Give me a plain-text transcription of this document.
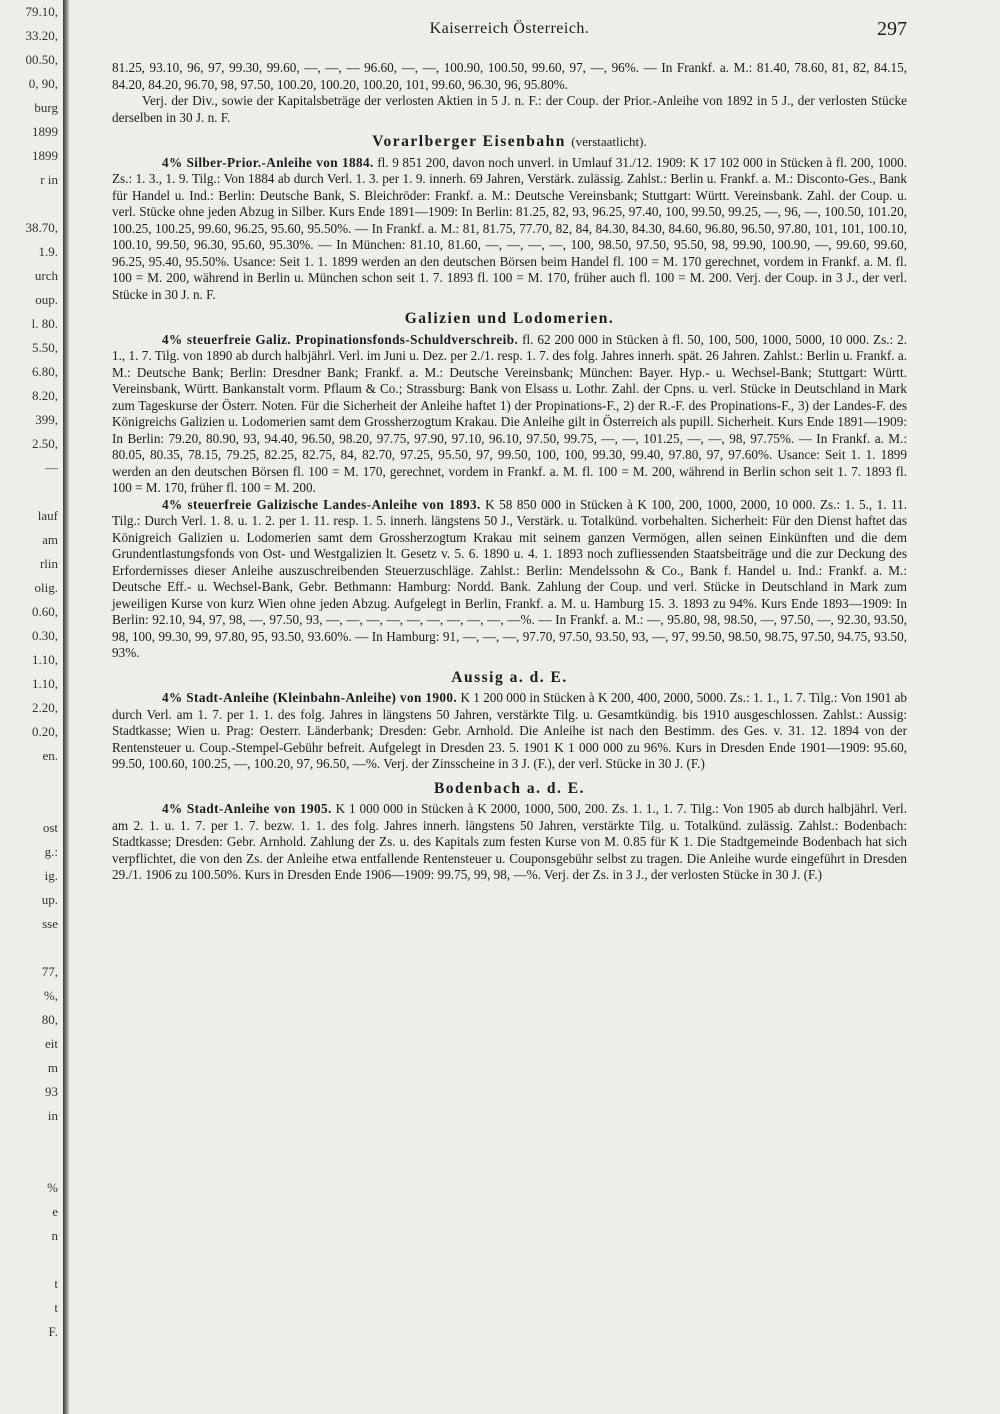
79.10,
33.20,
00.50,
0, 90,
burg
1899
1899
r in
38.70,
1.9.
urch
oup.
l. 80.
5.50,
6.80,
8.20,
399,
2.50,
—
lauf
am
rlin
olig.
0.60,
0.30,
1.10,
1.10,
2.20,
0.20,
en.
ost
g.:
ig.
up.
sse
77,
%,
80,
eit
m
93
in
%
e
n
t
t
F.
Kaiserreich Österreich.	297

81.25, 93.10, 96, 97, 99.30, 99.60, —, —, — 96.60, —, —, 100.90, 100.50, 99.60, 97, —, 96%. — In Frankf. a. M.: 81.40, 78.60, 81, 82, 84.15, 84.20, 84.20, 96.70, 98, 97.50, 100.20, 100.20, 100.20, 101, 99.60, 96.30, 96, 95.80%.

Verj. der Div., sowie der Kapitalsbeträge der verlosten Aktien in 5 J. n. F.: der Coup. der Prior.-Anleihe von 1892 in 5 J., der verlosten Stücke derselben in 30 J. n. F.

Vorarlberger Eisenbahn (verstaatlicht).

4% Silber-Prior.-Anleihe von 1884. fl. 9 851 200, davon noch unverl. in Umlauf 31./12. 1909: K 17 102 000 in Stücken à fl. 200, 1000. Zs.: 1. 3., 1. 9. Tilg.: Von 1884 ab durch Verl. 1. 3. per 1. 9. innerh. 69 Jahren, Verstärk. zulässig. Zahlst.: Berlin u. Frankf. a. M.: Disconto-Ges., Bank für Handel u. Ind.: Berlin: Deutsche Bank, S. Bleichröder: Frankf. a. M.: Deutsche Vereinsbank; Stuttgart: Württ. Vereinsbank. Zahl. der Coup. u. verl. Stücke ohne jeden Abzug in Silber. Kurs Ende 1891—1909: In Berlin: 81.25, 82, 93, 96.25, 97.40, 100, 99.50, 99.25, —, 96, —, 100.50, 101.20, 100.25, 100.25, 99.60, 96.25, 95.60, 95.50%. — In Frankf. a. M.: 81, 81.75, 77.70, 82, 84, 84.30, 84.30, 84.60, 96.80, 96.50, 97.80, 101, 101, 100.10, 100.10, 99.50, 96.30, 95.60, 95.30%. — In München: 81.10, 81.60, —, —, —, —, 100, 98.50, 97.50, 95.50, 98, 99.90, 100.90, —, 99.60, 99.60, 96.25, 95.40, 95.50%. Usance: Seit 1. 1. 1899 werden an den deutschen Börsen beim Handel fl. 100 = M. 170 gerechnet, vordem in Frankf. a. M. fl. 100 = M. 200, während in Berlin u. München schon seit 1. 7. 1893 fl. 100 = M. 170, früher auch fl. 100 = M. 200. Verj. der Coup. in 3 J., der verl. Stücke in 30 J. n. F.

Galizien und Lodomerien.

4% steuerfreie Galiz. Propinationsfonds-Schuldverschreib. fl. 62 200 000 in Stücken à fl. 50, 100, 500, 1000, 5000, 10 000. Zs.: 2. 1., 1. 7. Tilg. von 1890 ab durch halbjährl. Verl. im Juni u. Dez. per 2./1. resp. 1. 7. des folg. Jahres innerh. spät. 26 Jahren. Zahlst.: Berlin u. Frankf. a. M.: Deutsche Bank; Berlin: Dresdner Bank; Frankf. a. M.: Deutsche Vereinsbank; München: Bayer. Hyp.- u. Wechsel-Bank; Stuttgart: Württ. Vereinsbank, Württ. Bankanstalt vorm. Pflaum & Co.; Strassburg: Bank von Elsass u. Lothr. Zahl. der Cpns. u. verl. Stücke in Deutschland in Mark zum Tageskurse der Österr. Noten. Für die Sicherheit der Anleihe haftet 1) der Propinations-F., 2) der R.-F. des Propinations-F., 3) der Landes-F. des Königreichs Galizien u. Lodomerien samt dem Grossherzogtum Krakau. Die Anleihe gilt in Österreich als pupill. Sicherheit. Kurs Ende 1891—1909: In Berlin: 79.20, 80.90, 93, 94.40, 96.50, 98.20, 97.75, 97.90, 97.10, 96.10, 97.50, 99.75, —, —, 101.25, —, —, 98, 97.75%. — In Frankf. a. M.: 80.05, 80.35, 78.15, 79.25, 82.25, 82.75, 84, 82.70, 97.25, 95.50, 97, 99.50, 100, 100, 99.30, 99.40, 97.80, 97, 97.60%. Usance: Seit 1. 1. 1899 werden an den deutschen Börsen fl. 100 = M. 170, gerechnet, vordem in Frankf. a. M. fl. 100 = M. 200, während in Berlin schon seit 1. 7. 1893 fl. 100 = M. 170, früher fl. 100 = M. 200.

4% steuerfreie Galizische Landes-Anleihe von 1893. K 58 850 000 in Stücken à K 100, 200, 1000, 2000, 10 000. Zs.: 1. 5., 1. 11. Tilg.: Durch Verl. 1. 8. u. 1. 2. per 1. 11. resp. 1. 5. innerh. längstens 50 J., Verstärk. u. Totalkünd. vorbehalten. Sicherheit: Für den Dienst haftet das Königreich Galizien u. Lodomerien samt dem Grossherzogtum Krakau mit seinem ganzen Vermögen, allen seinen Einkünften und die dem Grundentlastungsfonds von Ost- und Westgalizien lt. Gesetz v. 5. 6. 1890 u. 4. 1. 1893 noch zufliessenden Staatsbeiträge und die zur Deckung des Erfordernisses dieser Anleihe auszuschreibenden Steuerzuschläge. Zahlst.: Berlin: Mendelssohn & Co., Bank f. Handel u. Ind.: Frankf. a. M.: Deutsche Eff.- u. Wechsel-Bank, Gebr. Bethmann: Hamburg: Nordd. Bank. Zahlung der Coup. und verl. Stücke in Deutschland in Mark zum jeweiligen Kurse von kurz Wien ohne jeden Abzug. Aufgelegt in Berlin, Frankf. a. M. u. Hamburg 15. 3. 1893 zu 94%. Kurs Ende 1893—1909: In Berlin: 92.10, 94, 97, 98, —, 97.50, 93, —, —, —, —, —, —, —, —, —, —%. — In Frankf. a. M.: —, 95.80, 98, 98.50, —, 97.50, —, 92.30, 93.50, 98, 100, 99.30, 99, 97.80, 95, 93.50, 93.60%. — In Hamburg: 91, —, —, —, 97.70, 97.50, 93.50, 93, —, 97, 99.50, 98.50, 98.75, 97.50, 94.75, 93.50, 93%.

Aussig a. d. E.

4% Stadt-Anleihe (Kleinbahn-Anleihe) von 1900. K 1 200 000 in Stücken à K 200, 400, 2000, 5000. Zs.: 1. 1., 1. 7. Tilg.: Von 1901 ab durch Verl. am 1. 7. per 1. 1. des folg. Jahres in längstens 50 Jahren, verstärkte Tilg. u. Gesamtkündig. bis 1910 ausgeschlossen. Zahlst.: Aussig: Stadtkasse; Wien u. Prag: Oesterr. Länderbank; Dresden: Gebr. Arnhold. Die Anleihe ist nach den Bestimm. des Ges. v. 31. 12. 1894 von der Rentensteuer u. Coup.-Stempel-Gebühr befreit. Aufgelegt in Dresden 23. 5. 1901 K 1 000 000 zu 96%. Kurs in Dresden Ende 1901—1909: 95.60, 99.50, 100.60, 100.25, —, 100.20, 97, 96.50, —%. Verj. der Zinsscheine in 3 J. (F.), der verl. Stücke in 30 J. (F.)

Bodenbach a. d. E.

4% Stadt-Anleihe von 1905. K 1 000 000 in Stücken à K 2000, 1000, 500, 200. Zs. 1. 1., 1. 7. Tilg.: Von 1905 ab durch halbjährl. Verl. am 2. 1. u. 1. 7. per 1. 7. bezw. 1. 1. des folg. Jahres innerh. längstens 50 Jahren, verstärkte Tilg. u. Totalkünd. zulässig. Zahlst.: Bodenbach: Stadtkasse; Dresden: Gebr. Arnhold. Zahlung der Zs. u. des Kapitals zum festen Kurse von M. 0.85 für K 1. Die Stadtgemeinde Bodenbach hat sich verpflichtet, die von den Zs. der Anleihe etwa entfallende Rentensteuer u. Couponsgebühr selbst zu tragen. Die Anleihe wurde eingeführt in Dresden 29./1. 1906 zu 100.50%. Kurs in Dresden Ende 1906—1909: 99.75, 99, 98, —%. Verj. der Zs. in 3 J., der verlosten Stücke in 30 J. (F.)
